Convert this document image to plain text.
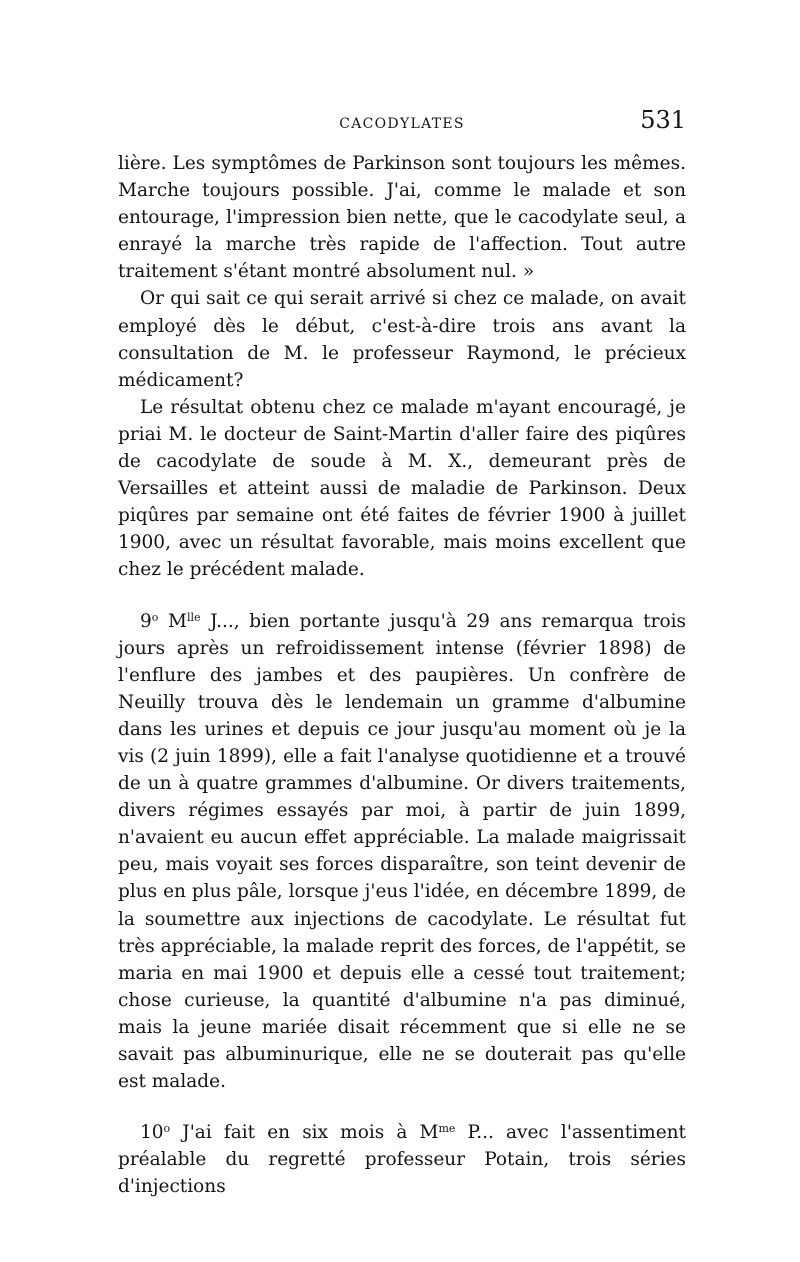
CACODYLATES	531

lière. Les symptômes de Parkinson sont toujours les mêmes. Marche toujours possible. J'ai, comme le malade et son entourage, l'impression bien nette, que le cacodylate seul, a enrayé la marche très rapide de l'affection. Tout autre traitement s'étant montré absolument nul. »

Or qui sait ce qui serait arrivé si chez ce malade, on avait employé dès le début, c'est-à-dire trois ans avant la consultation de M. le professeur Raymond, le précieux médicament?

Le résultat obtenu chez ce malade m'ayant encouragé, je priai M. le docteur de Saint-Martin d'aller faire des piqûres de cacodylate de soude à M. X., demeurant près de Versailles et atteint aussi de maladie de Parkinson. Deux piqûres par semaine ont été faites de février 1900 à juillet 1900, avec un résultat favorable, mais moins excellent que chez le précédent malade.

9$^o$ $M^{lle}$ J..., bien portante jusqu'à 29 ans remarqua trois jours après un refroidissement intense (février 1898) de l'enflure des jambes et des paupières. Un confrère de Neuilly trouva dès le lendemain un gramme d'albumine dans les urines et depuis ce jour jusqu'au moment où je la vis (2 juin 1899), elle a fait l'analyse quotidienne et a trouvé de un à quatre grammes d'albumine. Or divers traitements, divers régimes essayés par moi, à partir de juin 1899, n'avaient eu aucun effet appréciable. La malade maigrissait peu, mais voyait ses forces disparaître, son teint devenir de plus en plus pâle, lorsque j'eus l'idée, en décembre 1899, de la soumettre aux injections de cacodylate. Le résultat fut très appréciable, la malade reprit des forces, de l'appétit, se maria en mai 1900 et depuis elle a cessé tout traitement; chose curieuse, la quantité d'albumine n'a pas diminué, mais la jeune mariée disait récemment que si elle ne se savait pas albuminurique, elle ne se douterait pas qu'elle est malade.

10$^o$ J'ai fait en six mois à $M^{me}$ P... avec l'assentiment préalable du regretté professeur Potain, trois séries d'injections
